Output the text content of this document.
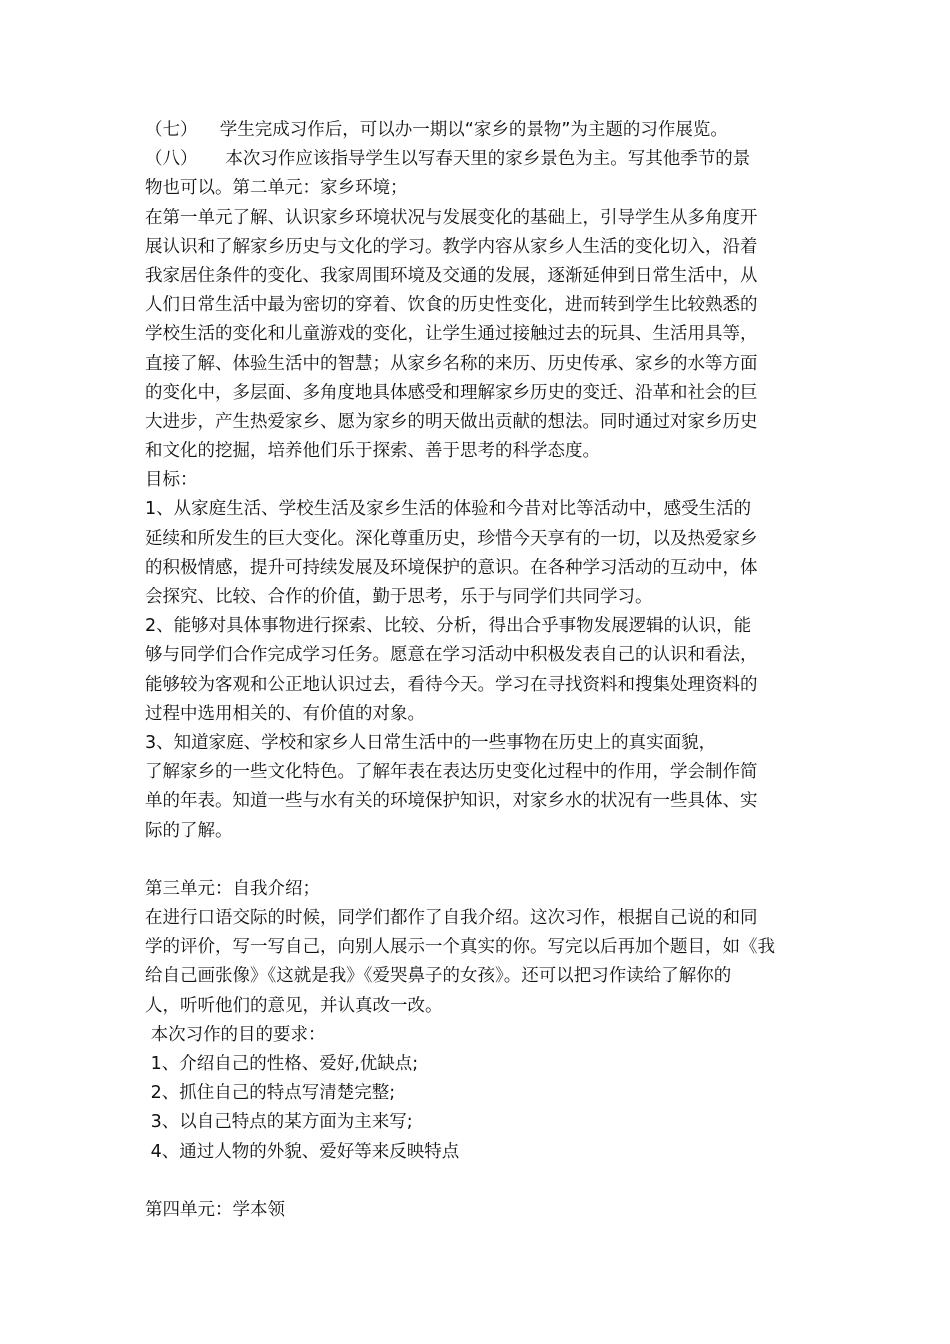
（七）    学生完成习作后，可以办一期以“家乡的景物”为主题的习作展览。
（八）     本次习作应该指导学生以写春天里的家乡景色为主。写其他季节的景
物也可以。第二单元：家乡环境；
在第一单元了解、认识家乡环境状况与发展变化的基础上，引导学生从多角度开
展认识和了解家乡历史与文化的学习。教学内容从家乡人生活的变化切入，沿着
我家居住条件的变化、我家周围环境及交通的发展，逐渐延伸到日常生活中，从
人们日常生活中最为密切的穿着、饮食的历史性变化，进而转到学生比较熟悉的
学校生活的变化和儿童游戏的变化，让学生通过接触过去的玩具、生活用具等，
直接了解、体验生活中的智慧；从家乡名称的来历、历史传承、家乡的水等方面
的变化中，多层面、多角度地具体感受和理解家乡历史的变迁、沿革和社会的巨
大进步，产生热爱家乡、愿为家乡的明天做出贡献的想法。同时通过对家乡历史
和文化的挖掘，培养他们乐于探索、善于思考的科学态度。
目标：
1、从家庭生活、学校生活及家乡生活的体验和今昔对比等活动中，感受生活的
延续和所发生的巨大变化。深化尊重历史，珍惜今天享有的一切，以及热爱家乡
的积极情感，提升可持续发展及环境保护的意识。在各种学习活动的互动中，体
会探究、比较、合作的价值，勤于思考，乐于与同学们共同学习。
2、能够对具体事物进行探索、比较、分析，得出合乎事物发展逻辑的认识，能
够与同学们合作完成学习任务。愿意在学习活动中积极发表自己的认识和看法，
能够较为客观和公正地认识过去，看待今天。学习在寻找资料和搜集处理资料的
过程中选用相关的、有价值的对象。
3、知道家庭、学校和家乡人日常生活中的一些事物在历史上的真实面貌，
了解家乡的一些文化特色。了解年表在表达历史变化过程中的作用，学会制作简
单的年表。知道一些与水有关的环境保护知识，对家乡水的状况有一些具体、实
际的了解。
第三单元：自我介绍；
在进行口语交际的时候，同学们都作了自我介绍。这次习作，根据自己说的和同
学的评价，写一写自己，向别人展示一个真实的你。写完以后再加个题目，如《我
给自己画张像》《这就是我》《爱哭鼻子的女孩》。还可以把习作读给了解你的
人，听听他们的意见，并认真改一改。
本次习作的目的要求：
1、介绍自己的性格、爱好,优缺点;
2、抓住自己的特点写清楚完整;
3、以自己特点的某方面为主来写;
4、通过人物的外貌、爱好等来反映特点
第四单元：学本领
